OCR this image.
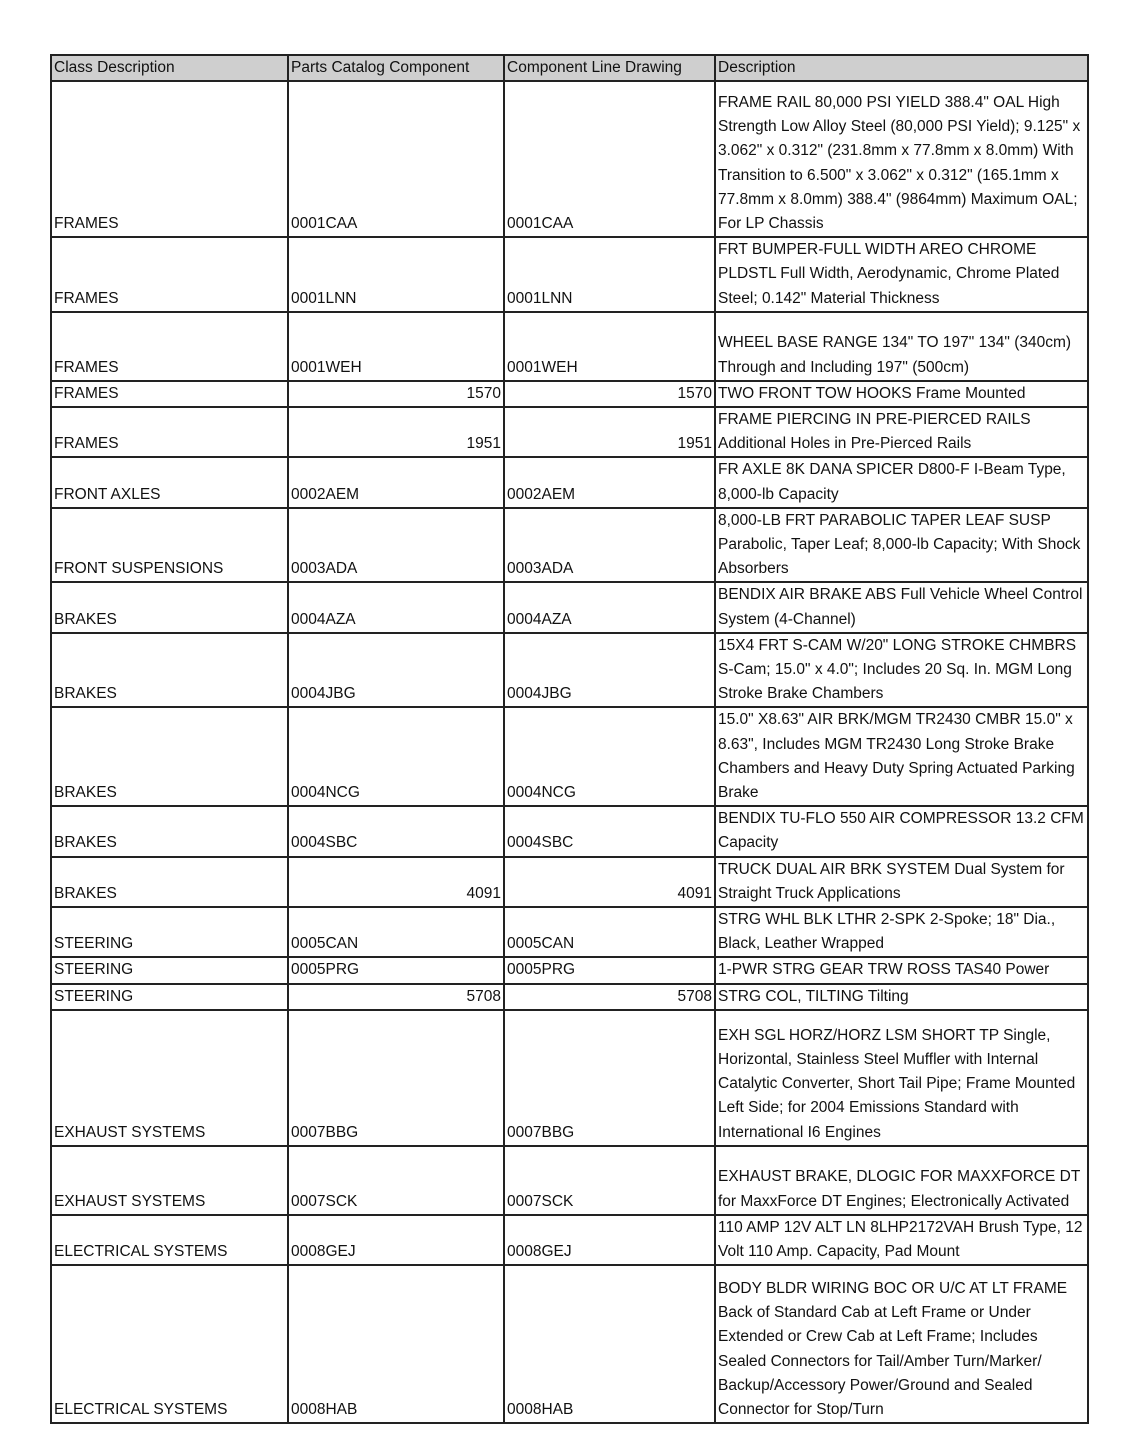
Class Description	Parts Catalog Component	Component Line Drawing	Description
FRAMES	0001CAA	0001CAA	FRAME RAIL 80,000 PSI YIELD 388.4" OAL High Strength Low Alloy Steel (80,000 PSI Yield); 9.125" x 3.062" x 0.312" (231.8mm x 77.8mm x 8.0mm) With Transition to 6.500" x 3.062" x 0.312" (165.1mm x 77.8mm x 8.0mm) 388.4" (9864mm) Maximum OAL; For LP Chassis
FRAMES	0001LNN	0001LNN	FRT BUMPER-FULL WIDTH AREO CHROME PLDSTL Full Width, Aerodynamic, Chrome Plated Steel; 0.142" Material Thickness
FRAMES	0001WEH	0001WEH	WHEEL BASE RANGE 134" TO 197" 134" (340cm) Through and Including 197" (500cm)
FRAMES	1570	1570	TWO FRONT TOW HOOKS Frame Mounted
FRAMES	1951	1951	FRAME PIERCING IN PRE-PIERCED RAILS Additional Holes in Pre-Pierced Rails
FRONT AXLES	0002AEM	0002AEM	FR AXLE 8K DANA SPICER D800-F I-Beam Type, 8,000-lb Capacity
FRONT SUSPENSIONS	0003ADA	0003ADA	8,000-LB FRT PARABOLIC TAPER LEAF SUSP Parabolic, Taper Leaf; 8,000-lb Capacity; With Shock Absorbers
BRAKES	0004AZA	0004AZA	BENDIX AIR BRAKE ABS Full Vehicle Wheel Control System (4-Channel)
BRAKES	0004JBG	0004JBG	15X4 FRT S-CAM W/20" LONG STROKE CHMBRS S-Cam; 15.0" x 4.0"; Includes 20 Sq. In. MGM Long Stroke Brake Chambers
BRAKES	0004NCG	0004NCG	15.0" X8.63" AIR BRK/MGM TR2430 CMBR 15.0" x 8.63", Includes MGM TR2430 Long Stroke Brake Chambers and Heavy Duty Spring Actuated Parking Brake
BRAKES	0004SBC	0004SBC	BENDIX TU-FLO 550 AIR COMPRESSOR 13.2 CFM Capacity
BRAKES	4091	4091	TRUCK DUAL AIR BRK SYSTEM Dual System for Straight Truck Applications
STEERING	0005CAN	0005CAN	STRG WHL BLK LTHR 2-SPK 2-Spoke; 18" Dia., Black, Leather Wrapped
STEERING	0005PRG	0005PRG	1-PWR STRG GEAR TRW ROSS TAS40 Power
STEERING	5708	5708	STRG COL, TILTING Tilting
EXHAUST SYSTEMS	0007BBG	0007BBG	EXH SGL HORZ/HORZ LSM SHORT TP Single, Horizontal, Stainless Steel Muffler with Internal Catalytic Converter, Short Tail Pipe; Frame Mounted Left Side; for 2004 Emissions Standard with International I6 Engines
EXHAUST SYSTEMS	0007SCK	0007SCK	EXHAUST BRAKE, DLOGIC FOR MAXXFORCE DT for MaxxForce DT Engines; Electronically Activated
ELECTRICAL SYSTEMS	0008GEJ	0008GEJ	110 AMP 12V ALT LN 8LHP2172VAH Brush Type, 12 Volt 110 Amp. Capacity, Pad Mount
ELECTRICAL SYSTEMS	0008HAB	0008HAB	BODY BLDR WIRING BOC OR U/C AT LT FRAME Back of Standard Cab at Left Frame or Under Extended or Crew Cab at Left Frame; Includes Sealed Connectors for Tail/Amber Turn/Marker/ Backup/Accessory Power/Ground and Sealed Connector for Stop/Turn
